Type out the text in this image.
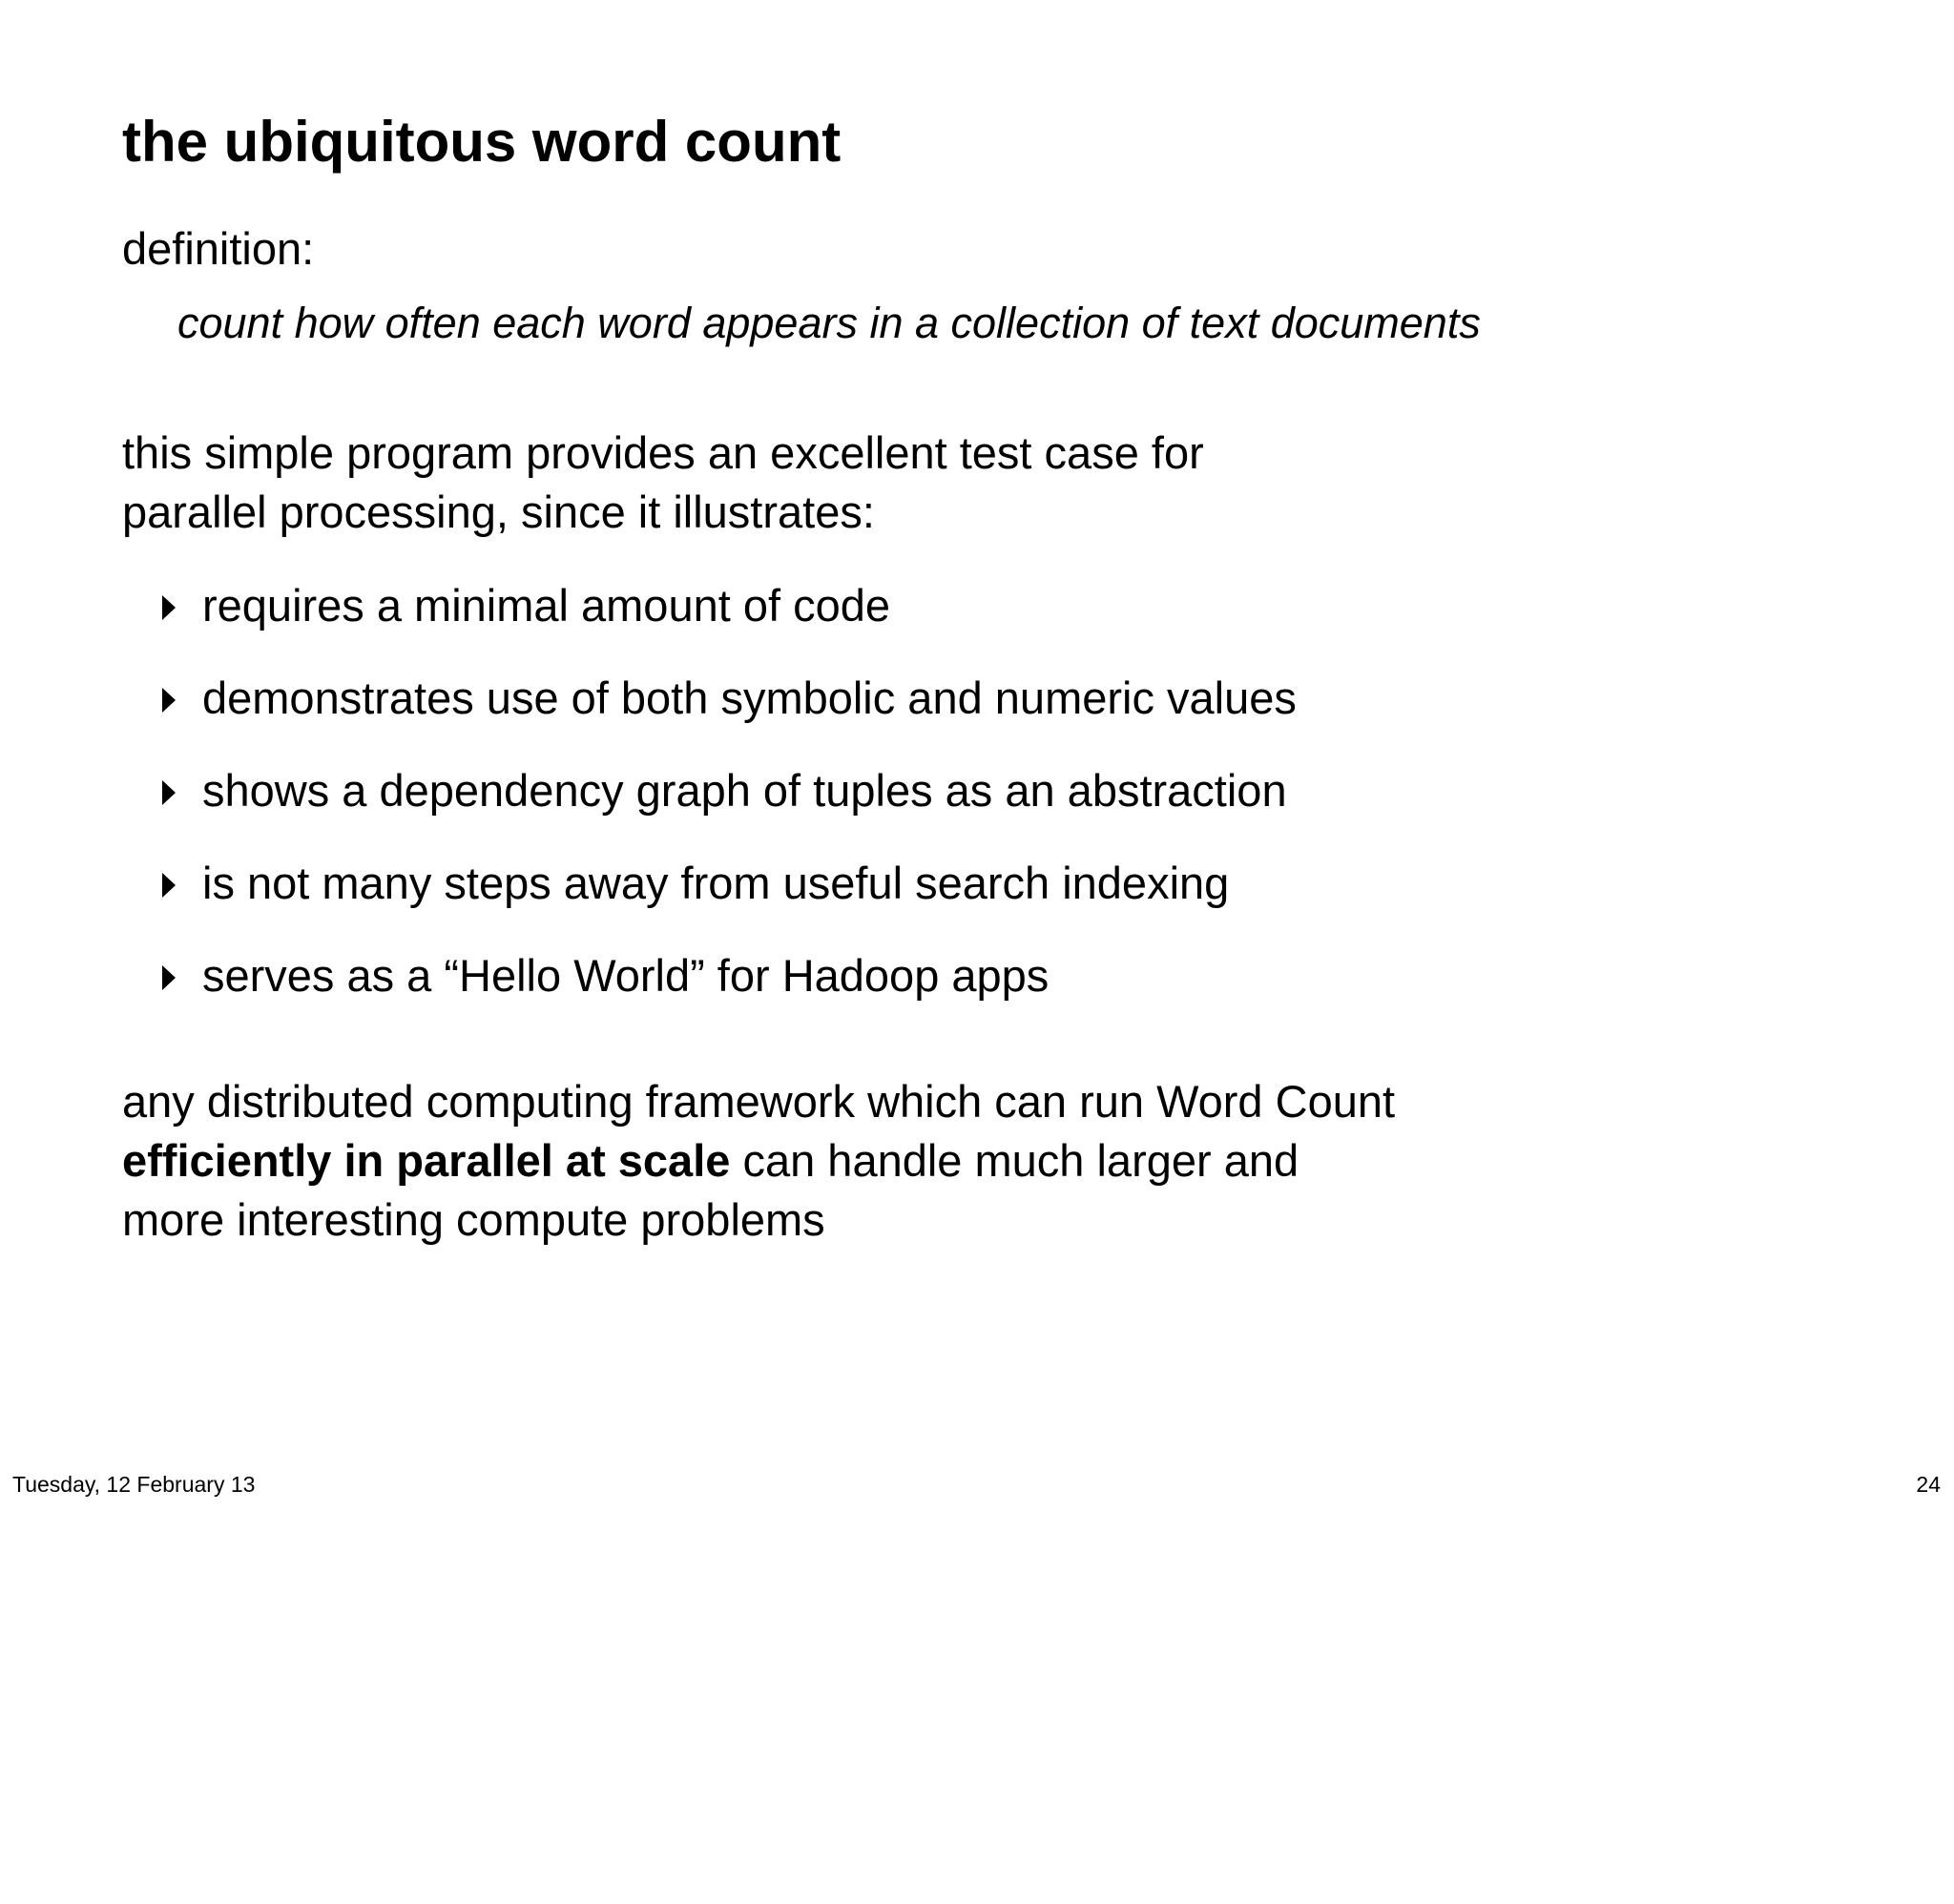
the ubiquitous word count
definition:
count how often each word appears in a collection of text documents
this simple program provides an excellent test case for
parallel processing, since it illustrates:
requires a minimal amount of code
demonstrates use of both symbolic and numeric values
shows a dependency graph of tuples as an abstraction
is not many steps away from useful search indexing
serves as a “Hello World” for Hadoop apps
any distributed computing framework which can run Word Count
efficiently in parallel at scale can handle much larger and
more interesting compute problems
Tuesday, 12 February 13	24
